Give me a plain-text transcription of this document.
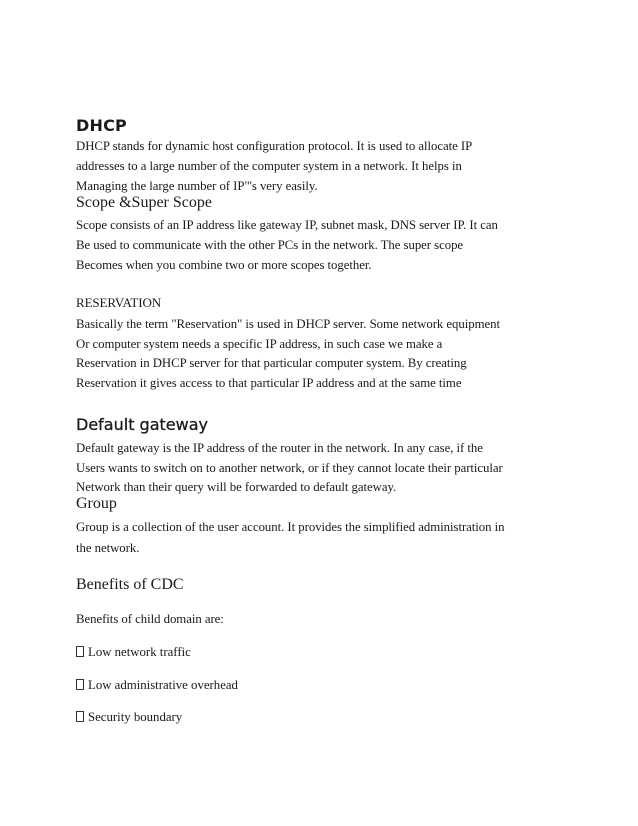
DHCP

DHCP stands for dynamic host configuration protocol. It is used to allocate IP

addresses to a large number of the computer system in a network. It helps in

Managing the large number of IP"'s very easily.

Scope &Super Scope

Scope consists of an IP address like gateway IP, subnet mask, DNS server IP. It can

Be used to communicate with the other PCs in the network. The super scope

Becomes when you combine two or more scopes together.

RESERVATION

Basically the term "Reservation" is used in DHCP server. Some network equipment

Or computer system needs a specific IP address, in such case we make a

Reservation in DHCP server for that particular computer system. By creating

Reservation it gives access to that particular IP address and at the same time

Default gateway

Default gateway is the IP address of the router in the network. In any case, if the

Users wants to switch on to another network, or if they cannot locate their particular

Network than their query will be forwarded to default gateway.

Group

Group is a collection of the user account. It provides the simplified administration in

the network.

Benefits of CDC

Benefits of child domain are:

Low network traffic

Low administrative overhead

Security boundary
